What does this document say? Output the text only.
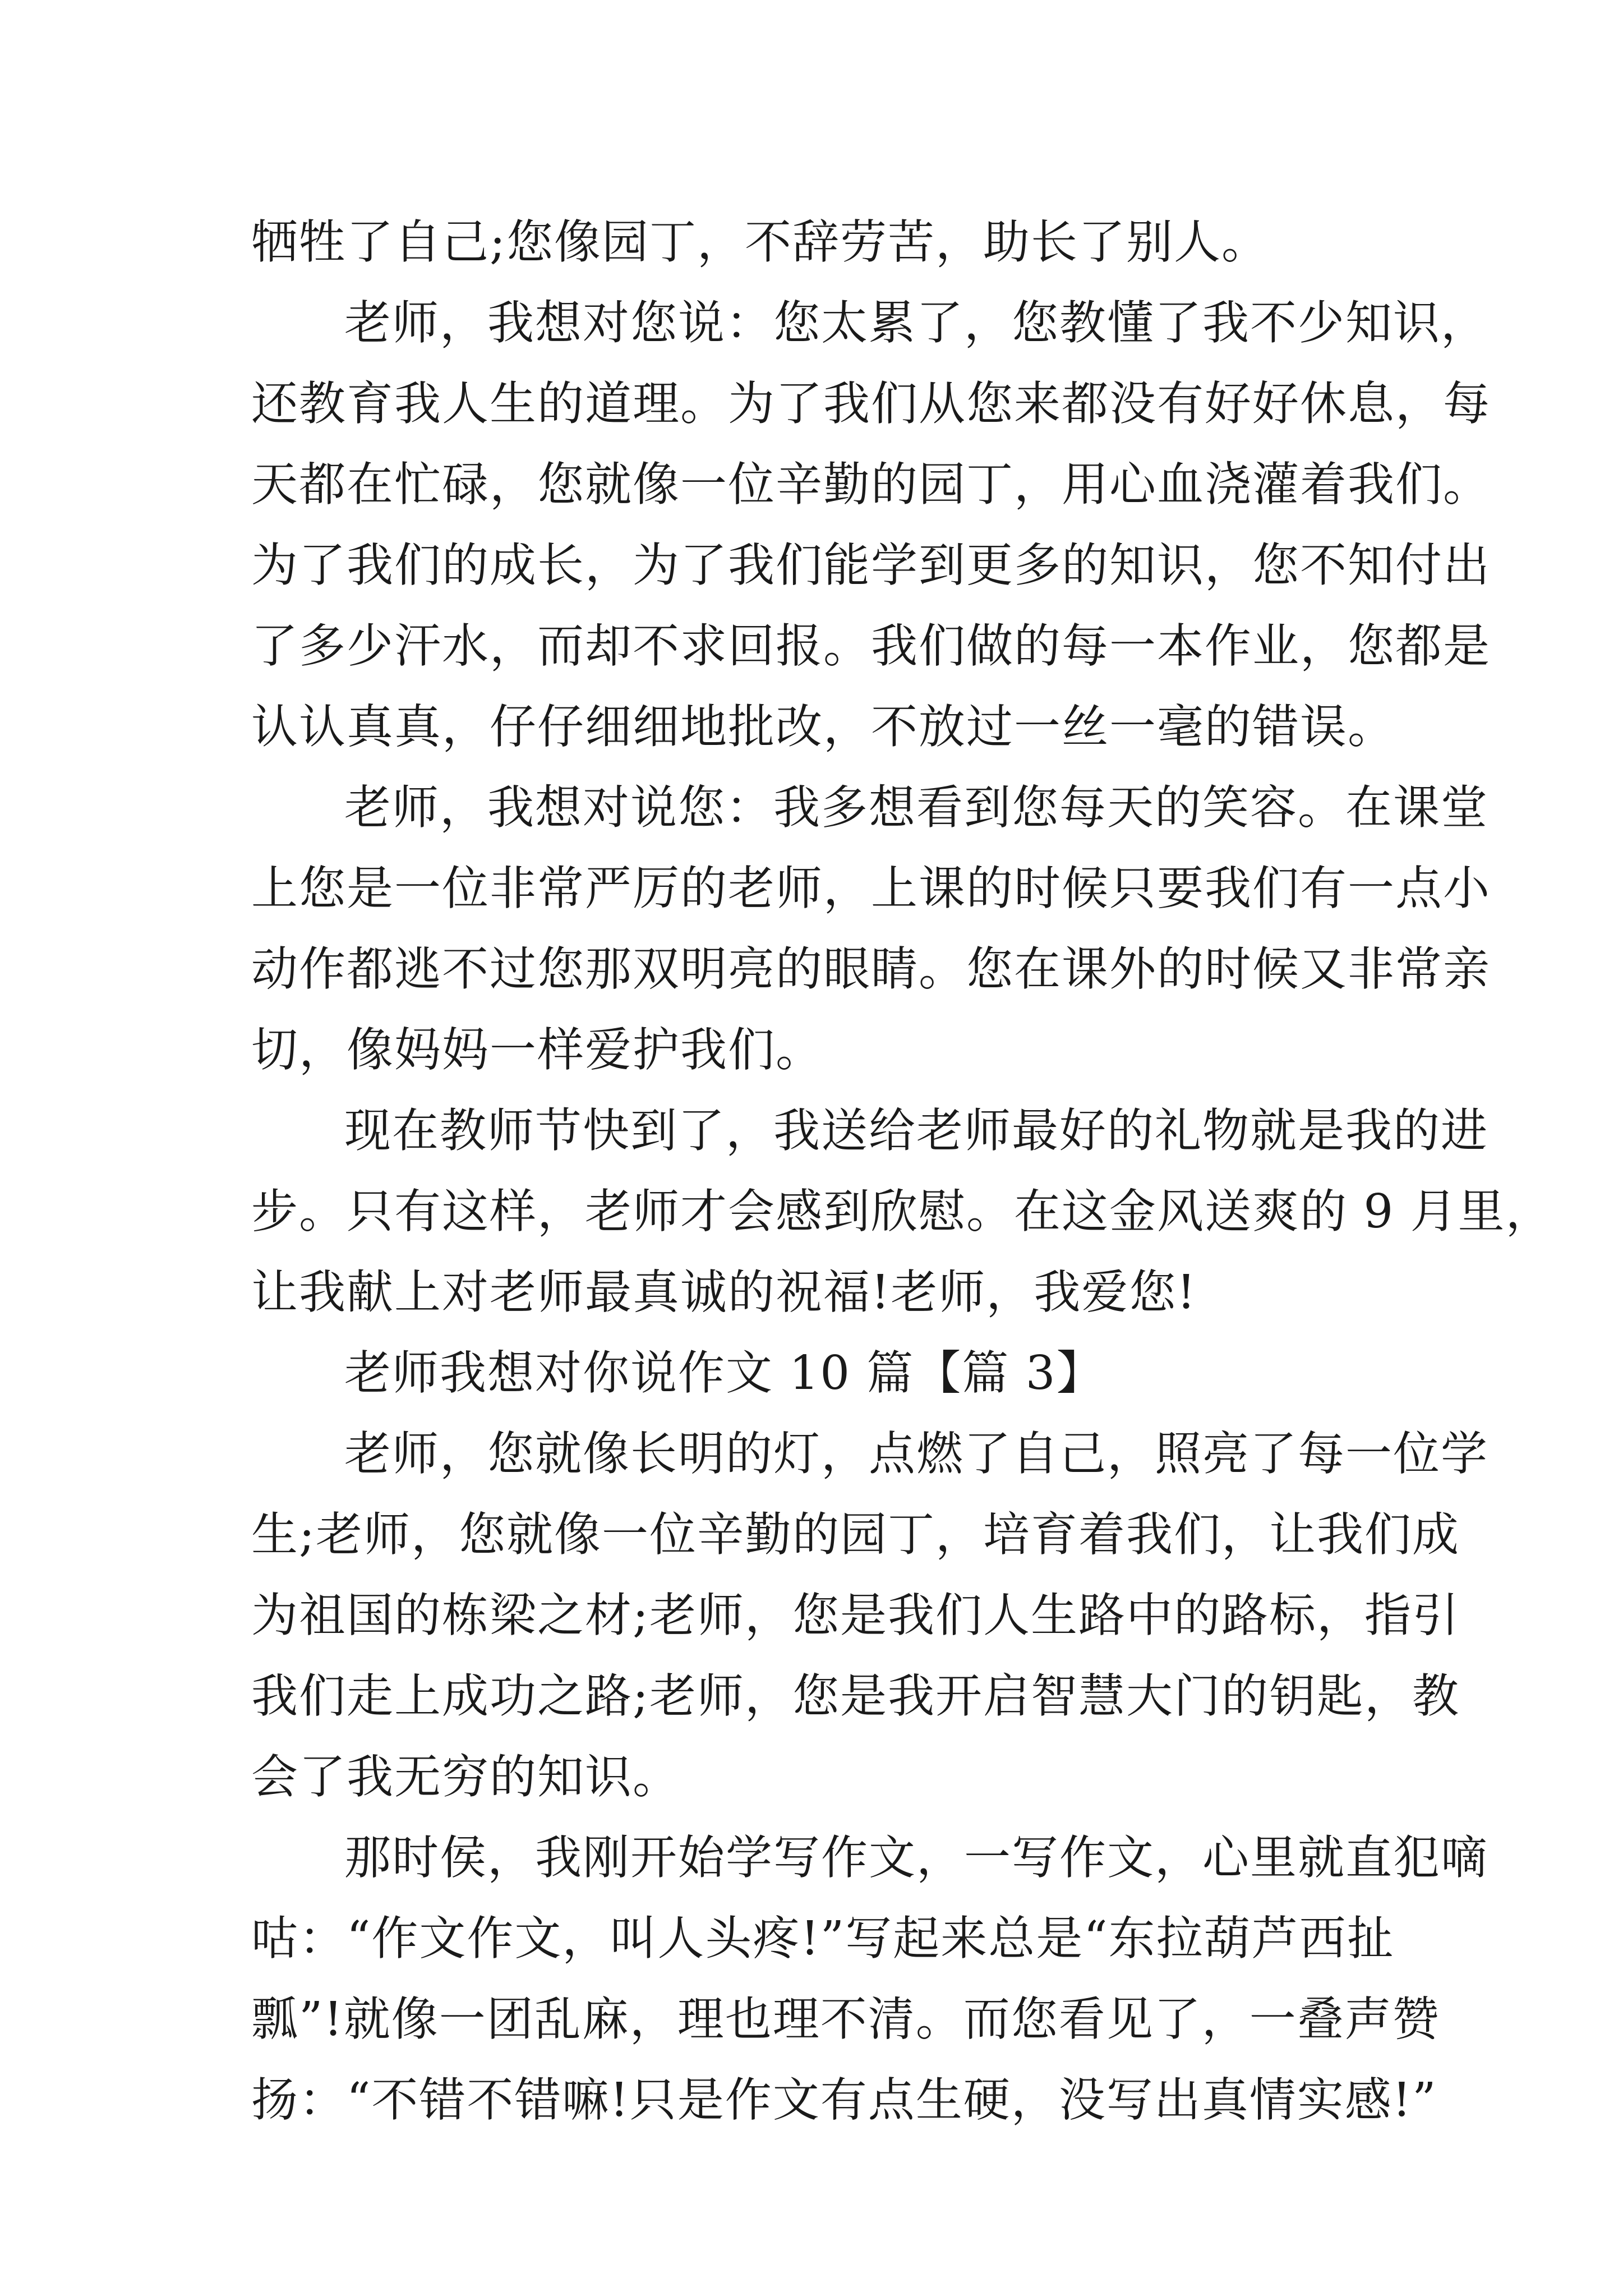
牺牲了自己;您像园丁，不辞劳苦，助长了别人。
老师，我想对您说：您太累了，您教懂了我不少知识，
还教育我人生的道理。为了我们从您来都没有好好休息，每
天都在忙碌，您就像一位辛勤的园丁，用心血浇灌着我们。
为了我们的成长，为了我们能学到更多的知识，您不知付出
了多少汗水，而却不求回报。我们做的每一本作业，您都是
认认真真，仔仔细细地批改，不放过一丝一毫的错误。
老师，我想对说您：我多想看到您每天的笑容。在课堂
上您是一位非常严厉的老师，上课的时候只要我们有一点小
动作都逃不过您那双明亮的眼睛。您在课外的时候又非常亲
切，像妈妈一样爱护我们。
现在教师节快到了，我送给老师最好的礼物就是我的进
步。只有这样，老师才会感到欣慰。在这金风送爽的 9 月里，
让我献上对老师最真诚的祝福!老师，我爱您!
老师我想对你说作文 10 篇【篇 3】
老师，您就像长明的灯，点燃了自己，照亮了每一位学
生;老师，您就像一位辛勤的园丁，培育着我们，让我们成
为祖国的栋梁之材;老师，您是我们人生路中的路标，指引
我们走上成功之路;老师，您是我开启智慧大门的钥匙，教
会了我无穷的知识。
那时侯，我刚开始学写作文，一写作文，心里就直犯嘀
咕：“作文作文，叫人头疼!”写起来总是“东拉葫芦西扯
瓢”!就像一团乱麻，理也理不清。而您看见了，一叠声赞
扬：“不错不错嘛!只是作文有点生硬，没写出真情实感!”
